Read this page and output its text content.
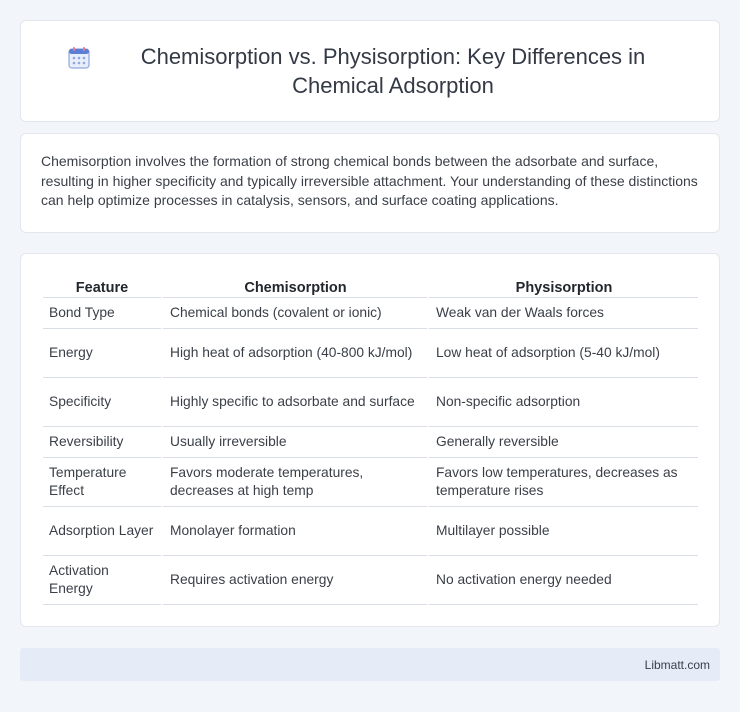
Chemisorption vs. Physisorption: Key Differences in Chemical Adsorption

Chemisorption involves the formation of strong chemical bonds between the adsorbate and surface, resulting in higher specificity and typically irreversible attachment. Your understanding of these distinctions can help optimize processes in catalysis, sensors, and surface coating applications.

Feature	Chemisorption	Physisorption
Bond Type	Chemical bonds (covalent or ionic)	Weak van der Waals forces
Energy	High heat of adsorption (40-800 kJ/mol)	Low heat of adsorption (5-40 kJ/mol)
Specificity	Highly specific to adsorbate and surface	Non-specific adsorption
Reversibility	Usually irreversible	Generally reversible
Temperature Effect	Favors moderate temperatures, decreases at high temp	Favors low temperatures, decreases as temperature rises
Adsorption Layer	Monolayer formation	Multilayer possible
Activation Energy	Requires activation energy	No activation energy needed
Libmatt.com
